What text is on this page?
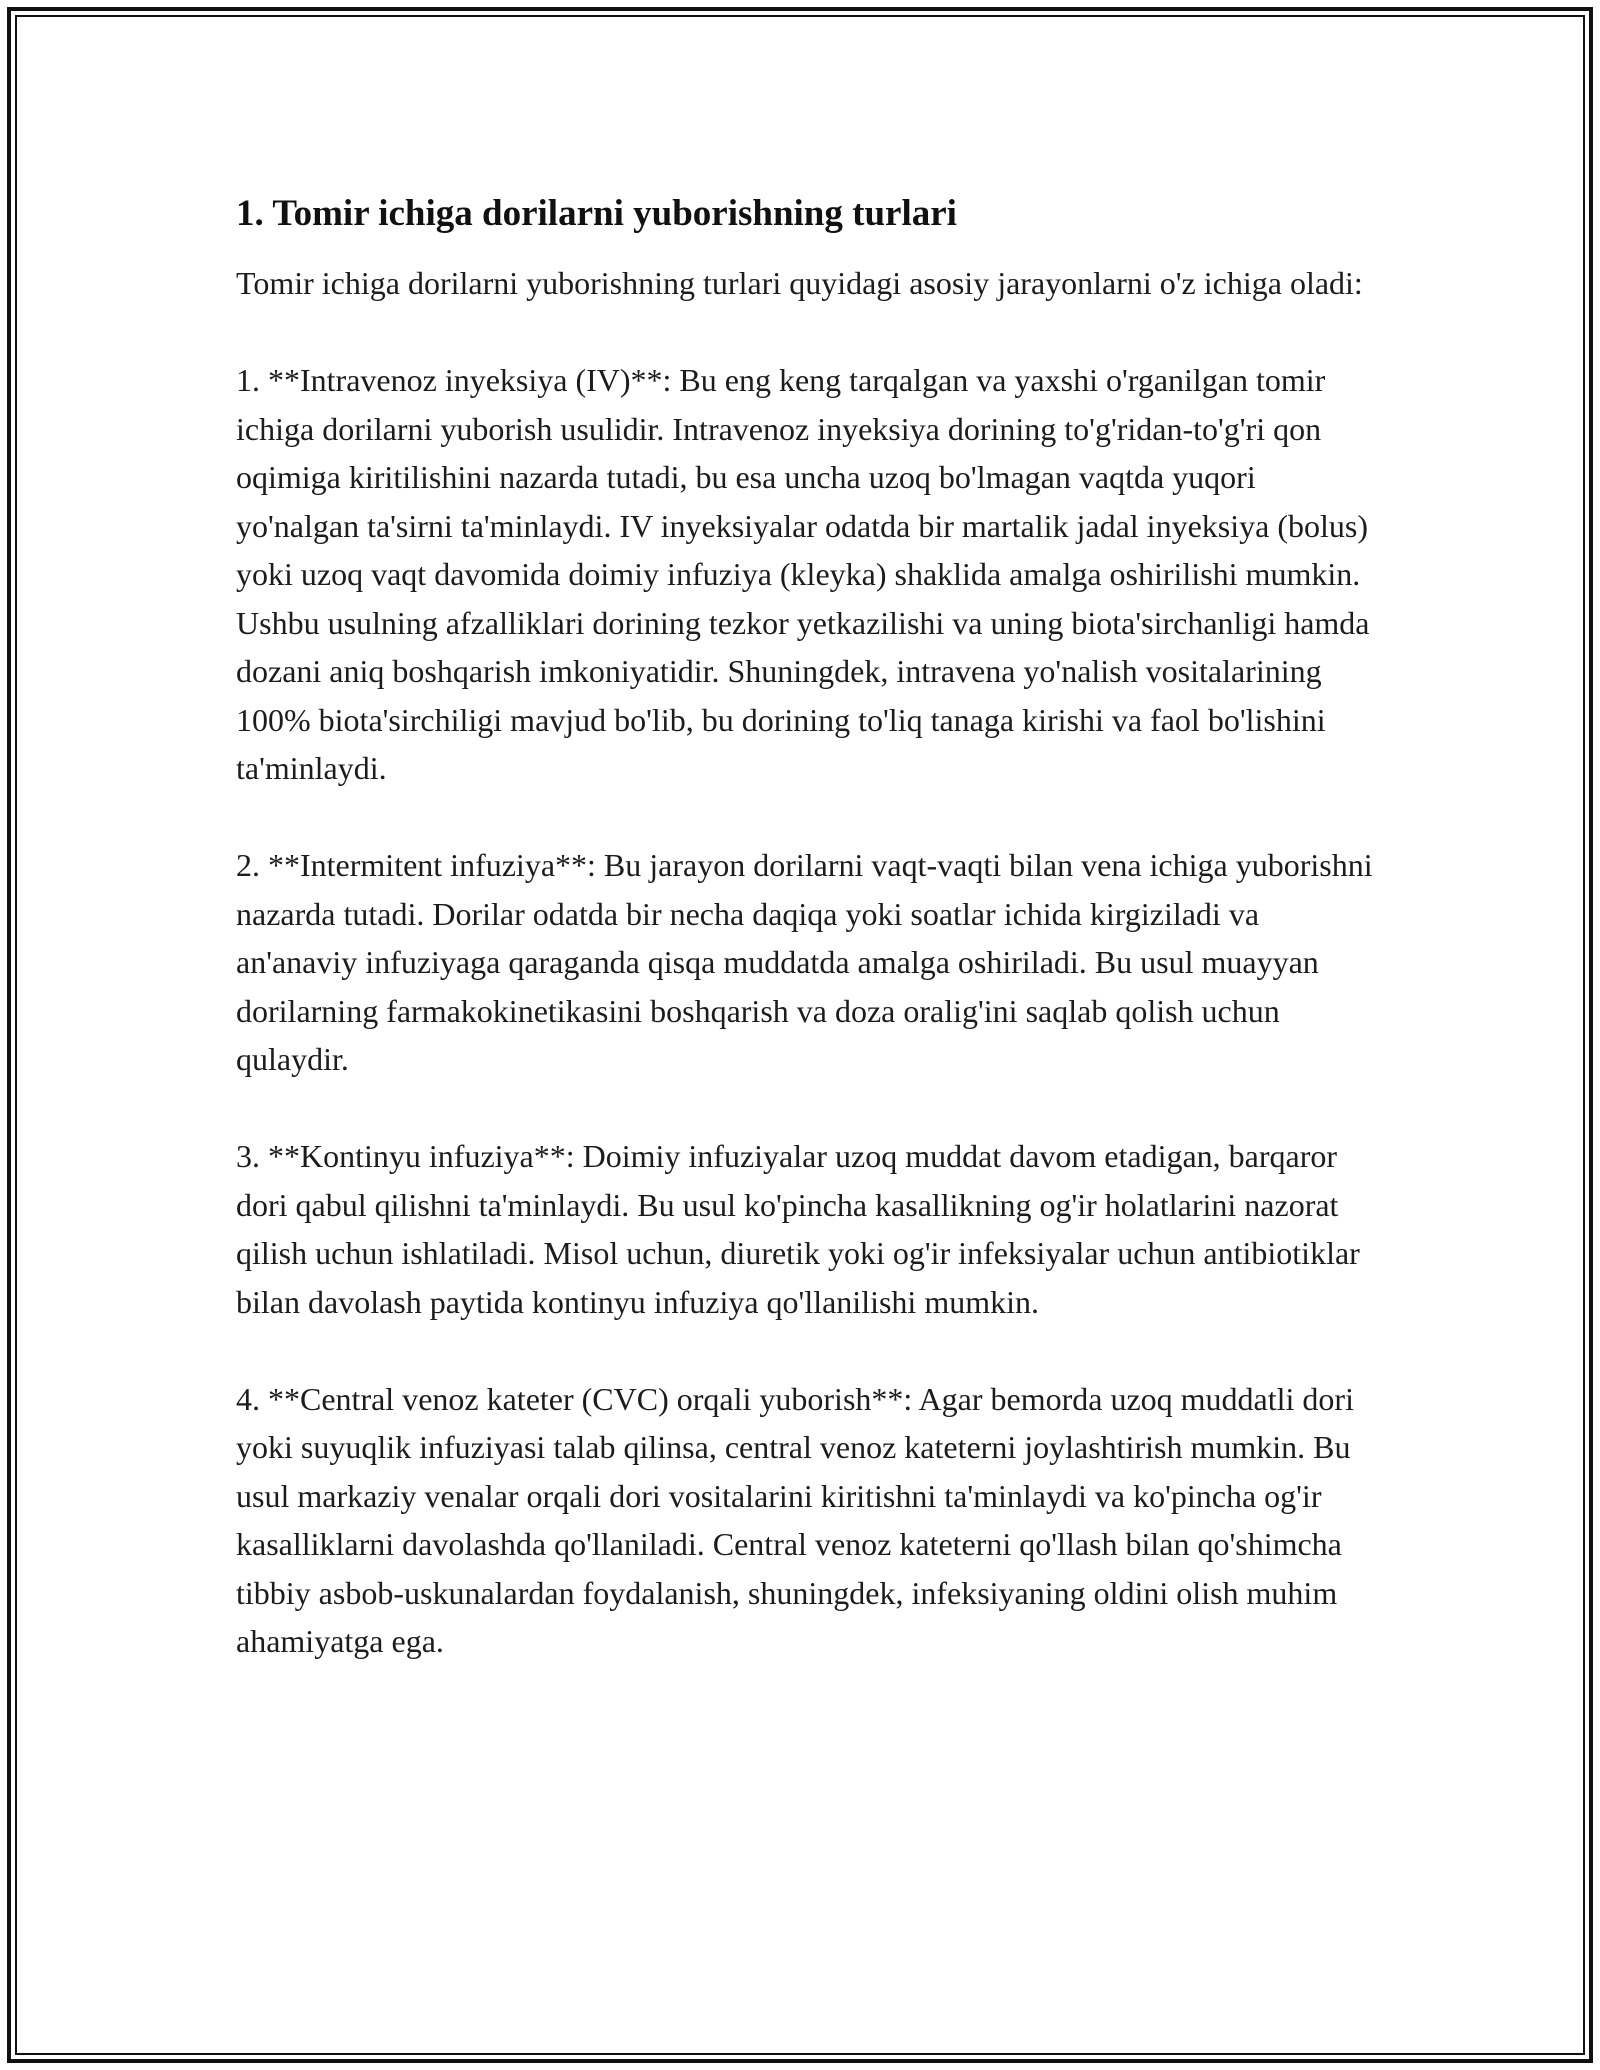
1. Tomir ichiga dorilarni yuborishning turlari

Tomir ichiga dorilarni yuborishning turlari quyidagi asosiy jarayonlarni o'z ichiga oladi:

1. **Intravenoz inyeksiya (IV)**: Bu eng keng tarqalgan va yaxshi o'rganilgan tomir ichiga dorilarni yuborish usulidir. Intravenoz inyeksiya dorining to'g'ridan-to'g'ri qon oqimiga kiritilishini nazarda tutadi, bu esa uncha uzoq bo'lmagan vaqtda yuqori yo'nalgan ta'sirni ta'minlaydi. IV inyeksiyalar odatda bir martalik jadal inyeksiya (bolus) yoki uzoq vaqt davomida doimiy infuziya (kleyka) shaklida amalga oshirilishi mumkin. Ushbu usulning afzalliklari dorining tezkor yetkazilishi va uning biota'sirchanligi hamda dozani aniq boshqarish imkoniyatidir. Shuningdek, intravena yo'nalish vositalarining 100% biota'sirchiligi mavjud bo'lib, bu dorining to'liq tanaga kirishi va faol bo'lishini ta'minlaydi.

2. **Intermitent infuziya**: Bu jarayon dorilarni vaqt-vaqti bilan vena ichiga yuborishni nazarda tutadi. Dorilar odatda bir necha daqiqa yoki soatlar ichida kirgiziladi va an'anaviy infuziyaga qaraganda qisqa muddatda amalga oshiriladi. Bu usul muayyan dorilarning farmakokinetikasini boshqarish va doza oralig'ini saqlab qolish uchun qulaydir.

3. **Kontinyu infuziya**: Doimiy infuziyalar uzoq muddat davom etadigan, barqaror dori qabul qilishni ta'minlaydi. Bu usul ko'pincha kasallikning og'ir holatlarini nazorat qilish uchun ishlatiladi. Misol uchun, diuretik yoki og'ir infeksiyalar uchun antibiotiklar bilan davolash paytida kontinyu infuziya qo'llanilishi mumkin.

4. **Central venoz kateter (CVC) orqali yuborish**: Agar bemorda uzoq muddatli dori yoki suyuqlik infuziyasi talab qilinsa, central venoz kateterni joylashtirish mumkin. Bu usul markaziy venalar orqali dori vositalarini kiritishni ta'minlaydi va ko'pincha og'ir kasalliklarni davolashda qo'llaniladi. Central venoz kateterni qo'llash bilan qo'shimcha tibbiy asbob-uskunalardan foydalanish, shuningdek, infeksiyaning oldini olish muhim ahamiyatga ega.
